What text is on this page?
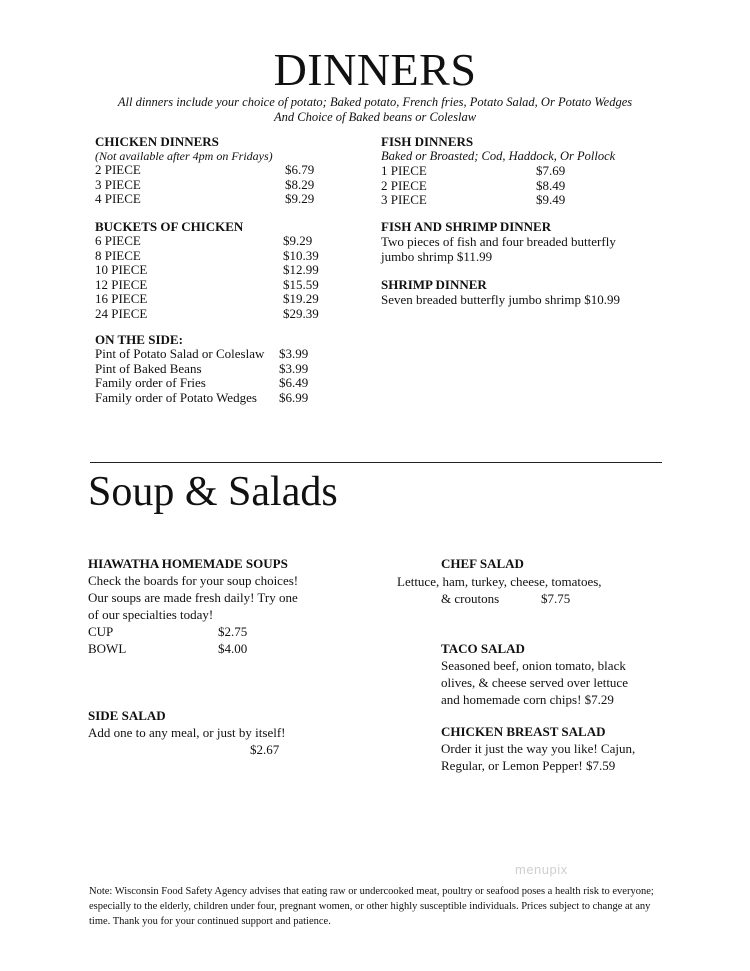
DINNERS
All dinners include your choice of potato; Baked potato, French fries, Potato Salad, Or Potato Wedges
And Choice of Baked beans or Coleslaw
CHICKEN DINNERS
(Not available after 4pm on Fridays)
2 PIECE	$6.79
3 PIECE	$8.29
4 PIECE	$9.29
BUCKETS OF CHICKEN
6 PIECE	$9.29
8 PIECE	$10.39
10 PIECE	$12.99
12 PIECE	$15.59
16 PIECE	$19.29
24 PIECE	$29.39
ON THE SIDE:
Pint of Potato Salad or Coleslaw	$3.99
Pint of Baked Beans	$3.99
Family order of Fries	$6.49
Family order of Potato Wedges	$6.99
FISH DINNERS
Baked or Broasted; Cod, Haddock, Or Pollock
1 PIECE	$7.69
2 PIECE	$8.49
3 PIECE	$9.49
FISH AND SHRIMP DINNER
Two pieces of fish and four breaded butterfly
jumbo shrimp $11.99
SHRIMP DINNER
Seven breaded butterfly jumbo shrimp $10.99
Soup & Salads
HIAWATHA HOMEMADE SOUPS
Check the boards for your soup choices!
Our soups are made fresh daily! Try one
of our specialties today!
CUP	$2.75
BOWL	$4.00
SIDE SALAD
Add one to any meal, or just by itself!
$2.67
CHEF SALAD
Lettuce, ham, turkey, cheese, tomatoes,
& croutons	$7.75
TACO SALAD
Seasoned beef, onion tomato, black
olives, & cheese served over lettuce
and homemade corn chips! $7.29
CHICKEN BREAST SALAD
Order it just the way you like! Cajun,
Regular, or Lemon Pepper! $7.59
menupix
Note: Wisconsin Food Safety Agency advises that eating raw or undercooked meat, poultry or seafood poses a health risk to everyone; especially to the elderly, children under four, pregnant women, or other highly susceptible individuals. Prices subject to change at any time. Thank you for your continued support and patience.
